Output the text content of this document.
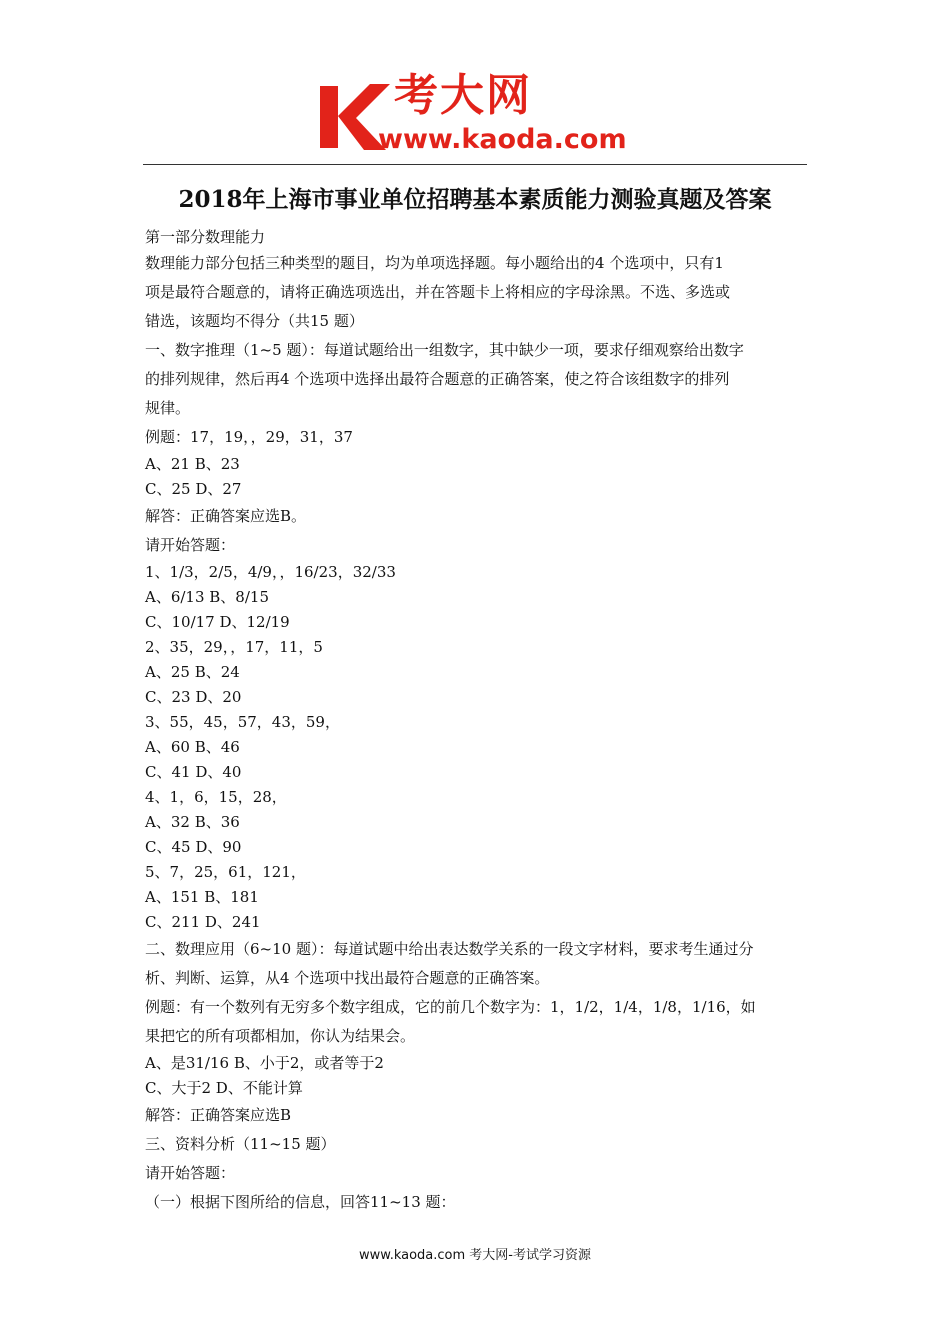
考大网
www.kaoda.com
2018年上海市事业单位招聘基本素质能力测验真题及答案
第一部分数理能力
数理能力部分包括三种类型的题目，均为单项选择题。每小题给出的4 个选项中，只有1
项是最符合题意的，请将正确选项选出，并在答题卡上将相应的字母涂黑。不选、多选或
错选，该题均不得分（共15 题）
一、数字推理（1~5 题）：每道试题给出一组数字，其中缺少一项，要求仔细观察给出数字
的排列规律，然后再4 个选项中选择出最符合题意的正确答案，使之符合该组数字的排列
规律。
例题：17，19，，29，31，37
A、21 B、23
C、25 D、27
解答：正确答案应选B。
请开始答题：
1、1/3，2/5，4/9，，16/23，32/33
A、6/13 B、8/15
C、10/17 D、12/19
2、35，29，，17，11，5
A、25 B、24
C、23 D、20
3、55，45，57，43，59，
A、60 B、46
C、41 D、40
4、1，6，15，28，
A、32 B、36
C、45 D、90
5、7，25，61，121，
A、151 B、181
C、211 D、241
二、数理应用（6~10 题）：每道试题中给出表达数学关系的一段文字材料，要求考生通过分
析、判断、运算，从4 个选项中找出最符合题意的正确答案。
例题：有一个数列有无穷多个数字组成，它的前几个数字为：1，1/2，1/4，1/8，1/16，如
果把它的所有项都相加，你认为结果会。
A、是31/16 B、小于2，或者等于2
C、大于2 D、不能计算
解答：正确答案应选B
三、资料分析（11~15 题）
请开始答题：
（一）根据下图所给的信息，回答11~13 题：
www.kaoda.com 考大网-考试学习资源
